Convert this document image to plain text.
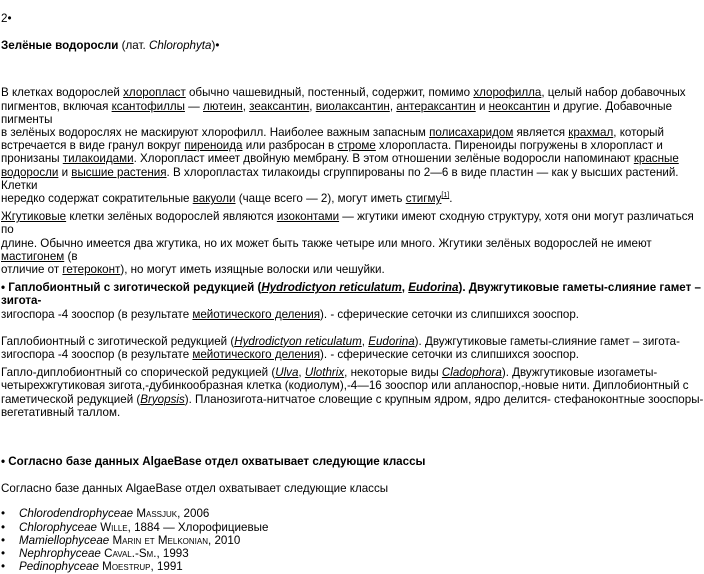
2•

Зелёные водоросли (лат. Chlorophyta)•

В клетках водорослей хлоропласт обычно чашевидный, постенный, содержит, помимо хлорофилла, целый набор добавочных
пигментов, включая ксантофиллы — лютеин, зеаксантин, виолаксантин, антераксантин и неоксантин и другие. Добавочные пигменты
в зелёных водорослях не маскируют хлорофилл. Наиболее важным запасным полисахаридом является крахмал, который
встречается в виде гранул вокруг пиреноида или разбросан в строме хлоропласта. Пиреноиды погружены в хлоропласт и
пронизаны тилакоидами. Хлоропласт имеет двойную мембрану. В этом отношении зелёные водоросли напоминают красные
водоросли и высшие растения. В хлоропластах тилакоиды сгруппированы по 2—6 в виде пластин — как у высших растений. Клетки
нередко содержат сократительные вакуоли (чаще всего — 2), могут иметь стигму[1].

Жгутиковые клетки зелёных водорослей являются изоконтами — жгутики имеют сходную структуру, хотя они могут различаться по
длине. Обычно имеется два жгутика, но их может быть также четыре или много. Жгутики зелёных водорослей не имеют мастигонем (в
отличие от гетероконт), но могут иметь изящные волоски или чешуйки.

• Гаплобионтный с зиготической редукцией (Hydrodictyon reticulatum, Eudorina). Двужгутиковые гаметы-слияние гамет – зигота-
зигоспора -4 зооспор (в результате мейотического деления). - сферические сеточки из слипшихся зооспор.

Гаплобионтный с зиготической редукцией (Hydrodictyon reticulatum, Eudorina). Двужгутиковые гаметы-слияние гамет – зигота-
зигоспора -4 зооспор (в результате мейотического деления). - сферические сеточки из слипшихся зооспор.

Гапло-диплобионтный со спорической редукцией (Ulva, Ulothrix, некоторые виды Cladophora). Двужгутиковые изогаметы-
четырехжгутиковая зигота,-дубинкообразная клетка (кодиолум),-4—16 зооспор или апланоспор,-новые нити. Диплобионтный с
гаметической редукцией (Bryopsis). Планозигота-нитчатое словещие с крупным ядром, ядро делится- стефаноконтные зооспоры-
вегетативный таллом.

• Согласно базе данных AlgaeBase отдел охватывает следующие классы

Согласно базе данных AlgaeBase отдел охватывает следующие классы

• Chlorodendrophyceae Massjuk, 2006
• Chlorophyceae Wille, 1884 — Хлорофициевые
• Mamiellophyceae Marin et Melkonian, 2010
• Nephrophyceae Caval.-Sm., 1993
• Pedinophyceae Moestrup, 1991
